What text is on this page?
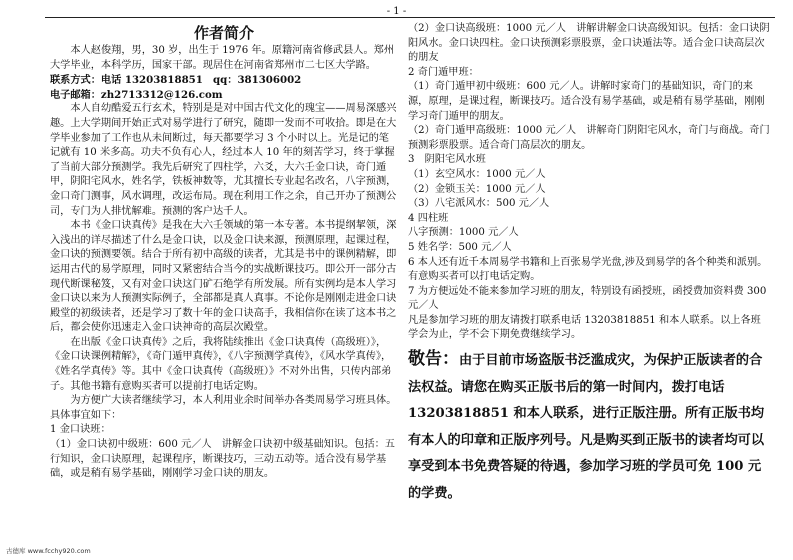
- 1 -

作者简介

本人赵俊翔，男，30 岁，出生于 1976 年。原籍河南省修武县人。郑州大学毕业，本科学历，国家干部。现居住在河南省郑州市二七区大学路。

联系方式：电话 13203818851　qq：381306002

电子邮箱：zh2713312@126.com

本人自幼酷爱五行玄术，特别是是对中国古代文化的瑰宝——周易深感兴趣。上大学期间开始正式对易学进行了研究，随即一发而不可收拾。即是在大学毕业参加了工作也从未间断过，每天都要学习 3 个小时以上。光是记的笔记就有 10 米多高。功夫不负有心人，经过本人 10 年的刻苦学习，终于掌握了当前大部分预测学。我先后研究了四柱学，六爻，大六壬金口诀，奇门遁甲，阴阳宅风水，姓名学，铁板神数等，尤其擅长专业起名改名，八字预测，金口奇门测事，风水调理，改运布局。现在利用工作之余，自己开办了预测公司，专门为人排忧解难。预测的客户达千人。

本书《金口诀真传》是我在大六壬领域的第一本专著。本书提纲挈领，深入浅出的详尽描述了什么是金口诀，以及金口诀来源，预测原理，起课过程，金口诀的预测要领。结合于所有初中高级的读者，尤其是书中的课例精解，即运用古代的易学原理，同时又紧密结合当今的实战断课技巧。即公开一部分古现代断课秘笈，又有对金口诀这门矿石绝学有所发展。所有实例均是本人学习金口诀以来为人预测实际例子，全部都是真人真事。不论你是刚刚走进金口诀殿堂的初级读者，还是学习了数十年的金口诀高手，我相信你在读了这本书之后，都会使你迅速走入金口诀神奇的高层次殿堂。

在出版《金口诀真传》之后，我将陆续推出《金口诀真传（高级班）》，《金口诀课例精解》，《奇门遁甲真传》，《八字预测学真传》，《风水学真传》，《姓名学真传》等。其中《金口诀真传（高级班）》不对外出售，只传内部弟子。其他书籍有意购买者可以提前打电话定购。

为方便广大读者继续学习，本人利用业余时间举办各类周易学习班具体。具体事宜如下：

1 金口诀班：

（1）金口诀初中级班：600 元／人　讲解金口诀初中级基础知识。包括：五行知识，金口诀原理，起课程序，断课技巧，三动五动等。适合没有易学基础，或是稍有易学基础，刚刚学习金口诀的朋友。

（2）金口诀高级班：1000 元／人　讲解讲解金口诀高级知识。包括：金口诀阴阳风水。金口诀四柱。金口诀预测彩票股票，金口诀遁法等。适合金口诀高层次的朋友

2 奇门遁甲班：

（1）奇门遁甲初中级班：600 元／人。讲解时家奇门的基础知识，奇门的来源，原理，是课过程，断课技巧。适合没有易学基础，或是稍有易学基础，刚刚学习奇门遁甲的朋友。

（2）奇门遁甲高级班：1000 元／人　讲解奇门阴阳宅风水，奇门与商战。奇门预测彩票股票。适合奇门高层次的朋友。

3　阴阳宅风水班

（1）玄空风水：1000 元／人

（2）金锁玉关：1000 元／人

（3）八宅派风水：500 元／人

4 四柱班

八字预测：1000 元／人

5 姓名学：500 元／人

6 本人还有近千本周易学书籍和上百张易学光盘,涉及到易学的各个种类和派别。有意购买者可以打电话定购。

7 为方便远处不能来参加学习班的朋友，特别设有函授班，函授费加资料费 300 元／人

凡是参加学习班的朋友请拨打联系电话 13203818851 和本人联系。以上各班学会为止，学不会下期免费继续学习。

敬告：由于目前市场盗版书泛滥成灾，为保护正版读者的合法权益。请您在购买正版书后的第一时间内，拨打电话 13203818851 和本人联系，进行正版注册。所有正版书均有本人的印章和正版序列号。凡是购买到正版书的读者均可以享受到本书免费答疑的待遇，参加学习班的学员可免 100 元的学费。

古德库 www.fcchy920.com
